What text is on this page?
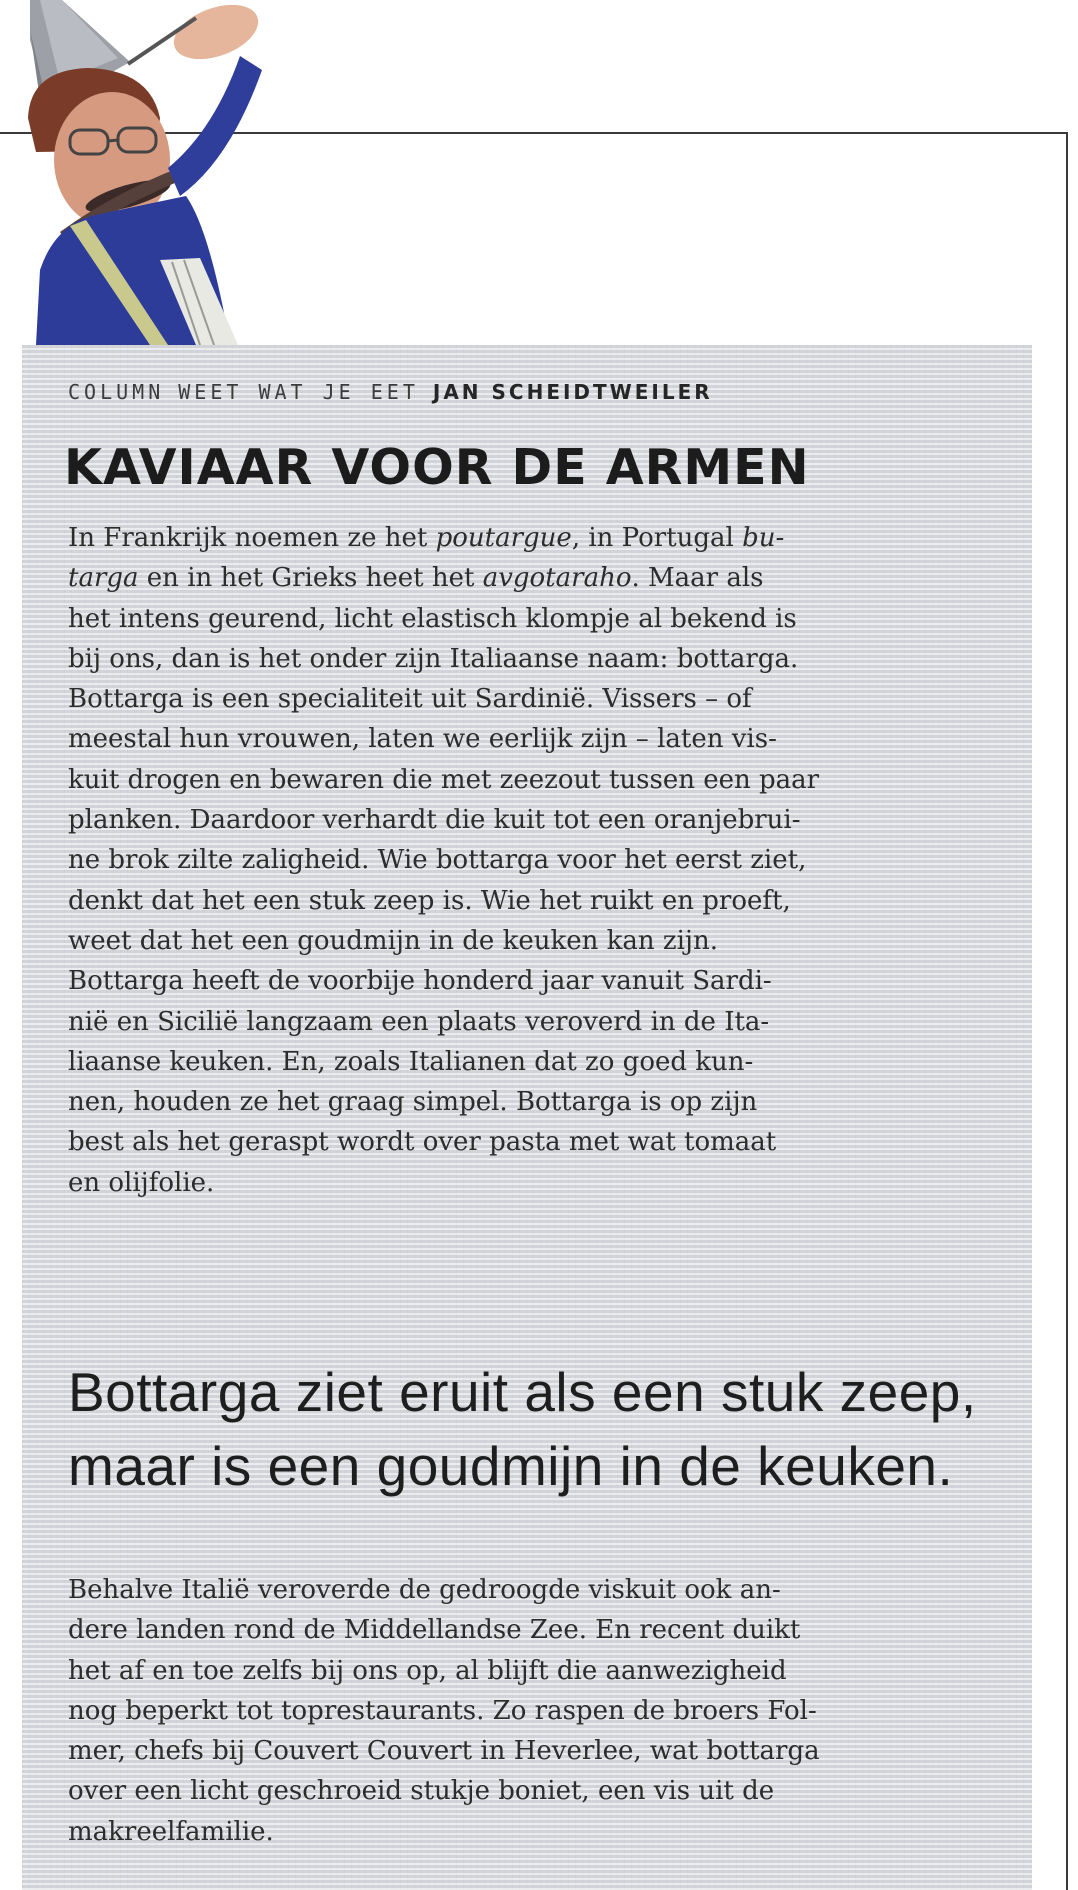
COLUMN WEET WAT JE EET JAN SCHEIDTWEILER
KAVIAAR VOOR DE ARMEN

In Frankrijk noemen ze het poutargue, in Portugal bu-
targa en in het Grieks heet het avgotaraho. Maar als
het intens geurend, licht elastisch klompje al bekend is
bij ons, dan is het onder zijn Italiaanse naam: bottarga.
Bottarga is een specialiteit uit Sardinië. Vissers – of
meestal hun vrouwen, laten we eerlijk zijn – laten vis-
kuit drogen en bewaren die met zeezout tussen een paar
planken. Daardoor verhardt die kuit tot een oranjebrui-
ne brok zilte zaligheid. Wie bottarga voor het eerst ziet,
denkt dat het een stuk zeep is. Wie het ruikt en proeft,
weet dat het een goudmijn in de keuken kan zijn.
Bottarga heeft de voorbije honderd jaar vanuit Sardi-
nië en Sicilië langzaam een plaats veroverd in de Ita-
liaanse keuken. En, zoals Italianen dat zo goed kun-
nen, houden ze het graag simpel. Bottarga is op zijn
best als het geraspt wordt over pasta met wat tomaat
en olijfolie.

Bottarga ziet eruit als een stuk zeep,
maar is een goudmijn in de keuken.

Behalve Italië veroverde de gedroogde viskuit ook an-
dere landen rond de Middellandse Zee. En recent duikt
het af en toe zelfs bij ons op, al blijft die aanwezigheid
nog beperkt tot toprestaurants. Zo raspen de broers Fol-
mer, chefs bij Couvert Couvert in Heverlee, wat bottarga
over een licht geschroeid stukje boniet, een vis uit de
makreelfamilie.
